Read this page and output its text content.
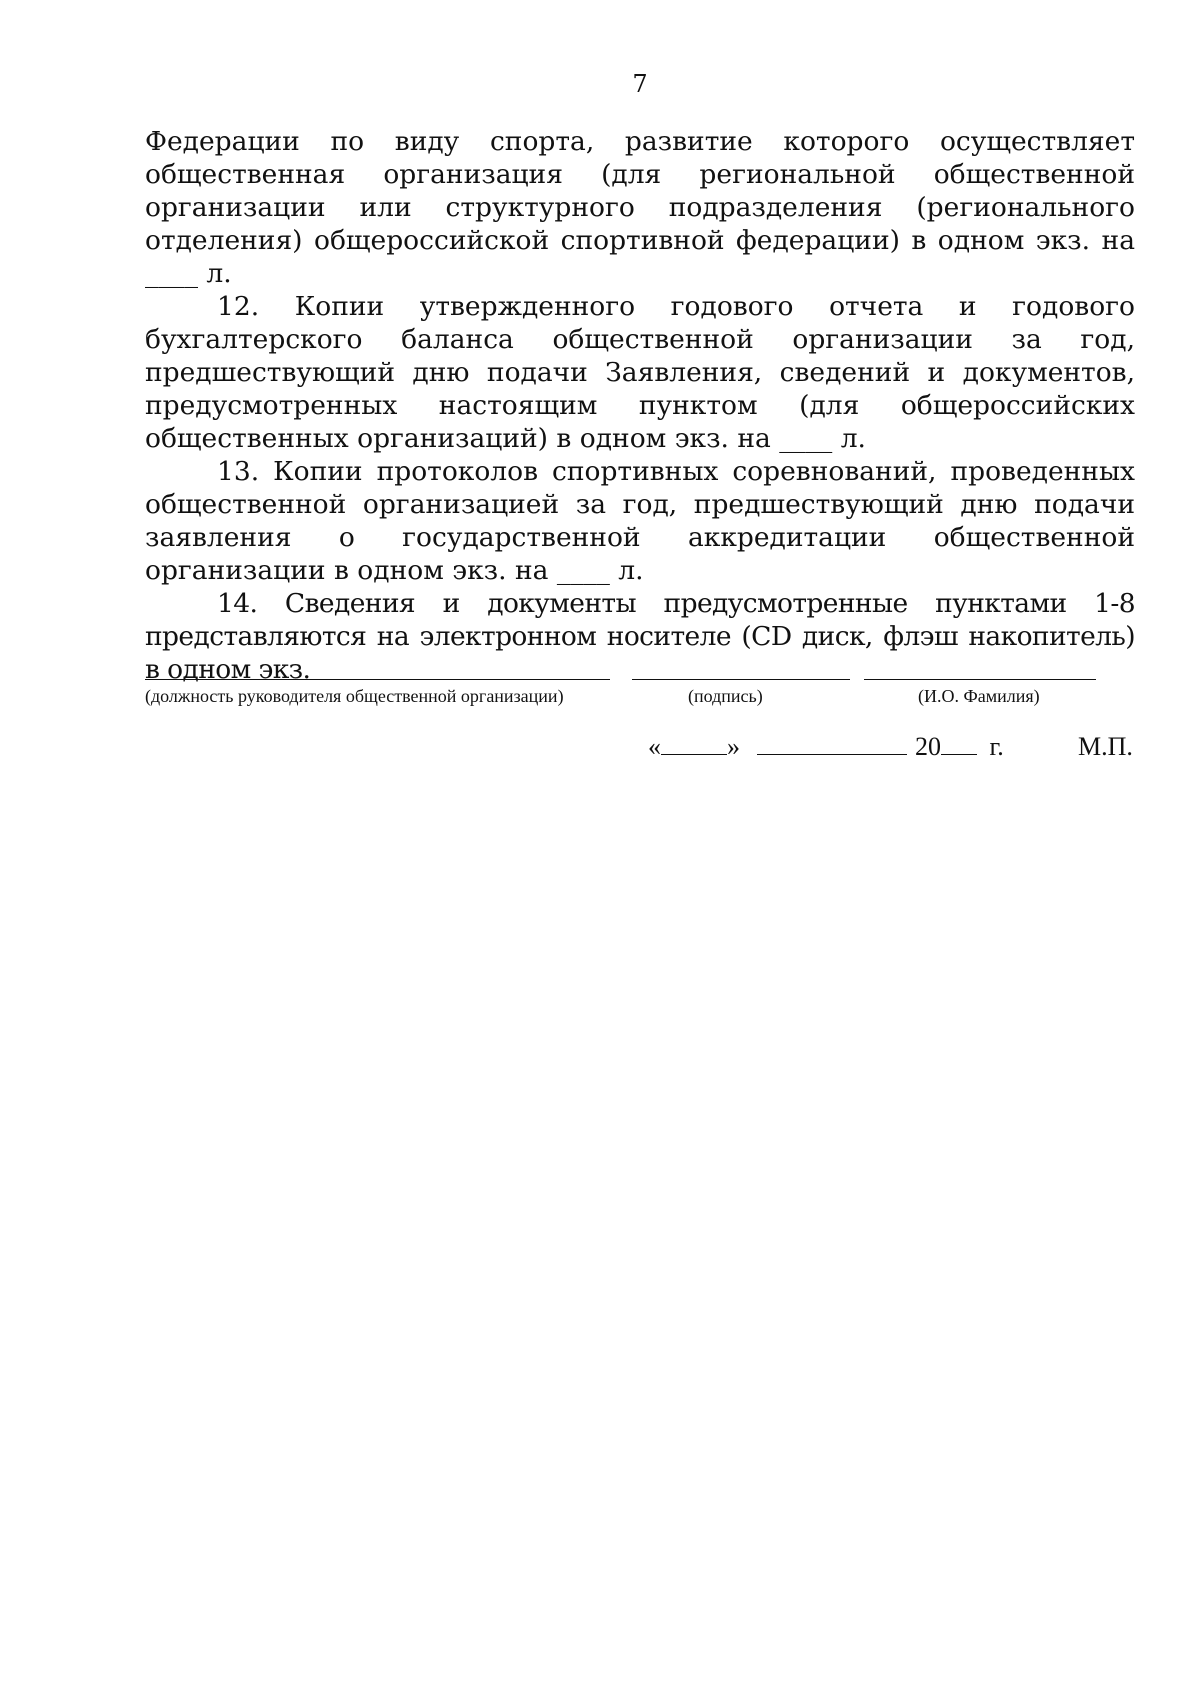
7

Федерации по виду спорта, развитие которого осуществляет общественная организация (для региональной общественной организации или структурного подразделения (регионального отделения) общероссийской спортивной федерации) в одном экз. на ____ л.

12. Копии утвержденного годового отчета и годового бухгалтерского баланса общественной организации за год, предшествующий дню подачи Заявления, сведений и документов, предусмотренных настоящим пунктом (для общероссийских общественных организаций) в одном экз. на ____ л.

13. Копии протоколов спортивных соревнований, проведенных общественной организацией за год, предшествующий дню подачи заявления о государственной аккредитации общественной организации в одном экз. на ____ л.

14. Сведения и документы предусмотренные пунктами 1-8 представляются на электронном носителе (CD диск, флэш накопитель) в одном экз.

(должность руководителя общественной организации)	(подпись)	(И.О. Фамилия)
«	»	20 г.	М.П.
